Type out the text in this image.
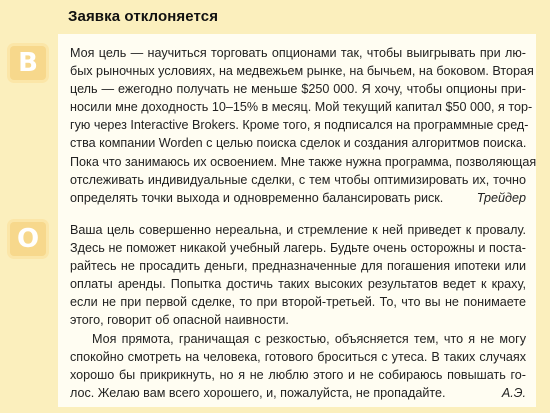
Заявка отклоняется
В
О

Моя цель — научиться торговать опционами так, чтобы выигрывать при лю-
бых рыночных условиях, на медвежьем рынке, на бычьем, на боковом. Вторая
цель — ежегодно получать не меньше $250 000. Я хочу, чтобы опционы при-
носили мне доходность 10–15% в месяц. Мой текущий капитал $50 000, я тор-
гую через Interactive Brokers. Кроме того, я подписался на программные сред-
ства компании Worden с целью поиска сделок и создания алгоритмов поиска.
Пока что занимаюсь их освоением. Мне также нужна программа, позволяющая
отслеживать индивидуальные сделки, с тем чтобы оптимизировать их, точно
определять точки выхода и одновременно балансировать риск.	Трейдер

Ваша цель совершенно нереальна, и стремление к ней приведет к провалу.
Здесь не поможет никакой учебный лагерь. Будьте очень осторожны и поста-
райтесь не просадить деньги, предназначенные для погашения ипотеки или
оплаты аренды. Попытка достичь таких высоких результатов ведет к краху,
если не при первой сделке, то при второй-третьей. То, что вы не понимаете
этого, говорит об опасной наивности.

Моя прямота, граничащая с резкостью, объясняется тем, что я не могу
спокойно смотреть на человека, готового броситься с утеса. В таких случаях
хорошо бы прикрикнуть, но я не люблю этого и не собираюсь повышать го-
лос. Желаю вам всего хорошего, и, пожалуйста, не пропадайте.	А.Э.
